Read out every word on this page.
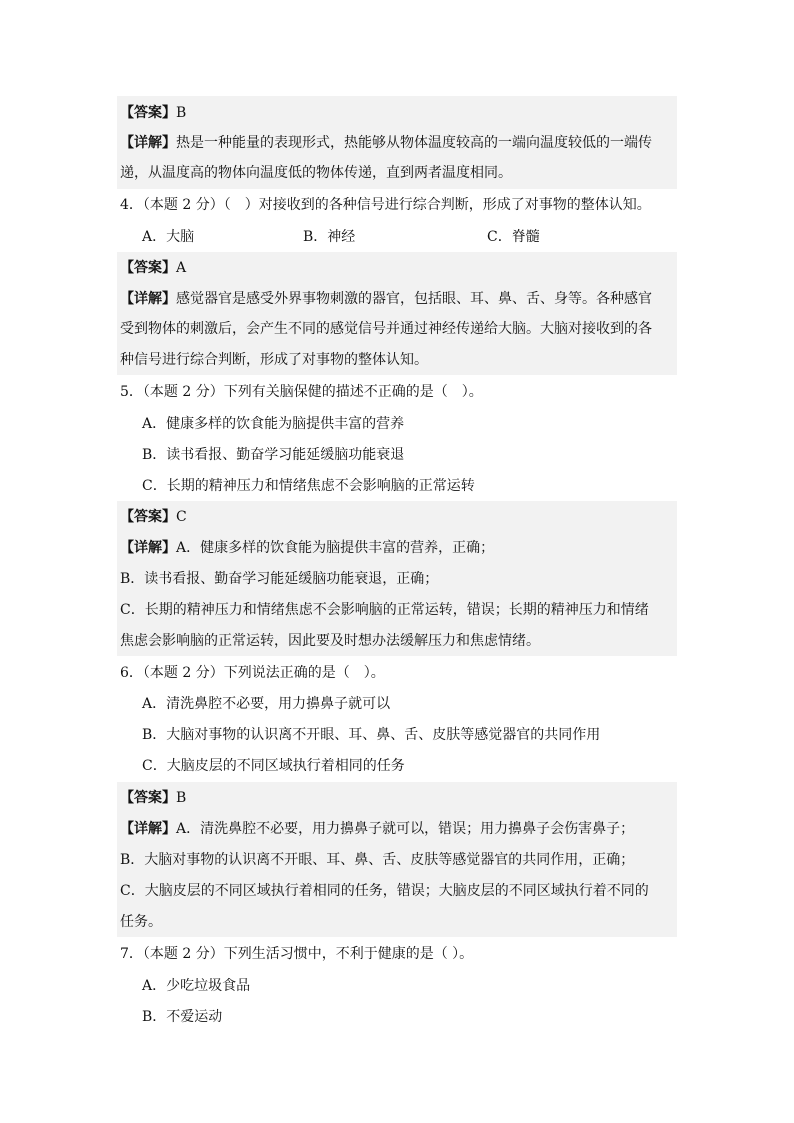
【答案】B
【详解】热是一种能量的表现形式，热能够从物体温度较高的一端向温度较低的一端传
递，从温度高的物体向温度低的物体传递，直到两者温度相同。
4．（本题 2 分）（　）对接收到的各种信号进行综合判断，形成了对事物的整体认知。
A．大脑	B．神经	C．脊髓
【答案】A
【详解】感觉器官是感受外界事物刺激的器官，包括眼、耳、鼻、舌、身等。各种感官
受到物体的刺激后，会产生不同的感觉信号并通过神经传递给大脑。大脑对接收到的各
种信号进行综合判断，形成了对事物的整体认知。
5．（本题 2 分）下列有关脑保健的描述不正确的是（　）。
A．健康多样的饮食能为脑提供丰富的营养
B．读书看报、勤奋学习能延缓脑功能衰退
C．长期的精神压力和情绪焦虑不会影响脑的正常运转
【答案】C
【详解】A．健康多样的饮食能为脑提供丰富的营养，正确；
B．读书看报、勤奋学习能延缓脑功能衰退，正确；
C．长期的精神压力和情绪焦虑不会影响脑的正常运转，错误；长期的精神压力和情绪
焦虑会影响脑的正常运转，因此要及时想办法缓解压力和焦虑情绪。
6．（本题 2 分）下列说法正确的是（　）。
A．清洗鼻腔不必要，用力擤鼻子就可以
B．大脑对事物的认识离不开眼、耳、鼻、舌、皮肤等感觉器官的共同作用
C．大脑皮层的不同区域执行着相同的任务
【答案】B
【详解】A．清洗鼻腔不必要，用力擤鼻子就可以，错误；用力擤鼻子会伤害鼻子；
B．大脑对事物的认识离不开眼、耳、鼻、舌、皮肤等感觉器官的共同作用，正确；
C．大脑皮层的不同区域执行着相同的任务，错误；大脑皮层的不同区域执行着不同的
任务。
7．（本题 2 分）下列生活习惯中，不利于健康的是（ ）。
A．少吃垃圾食品
B．不爱运动
